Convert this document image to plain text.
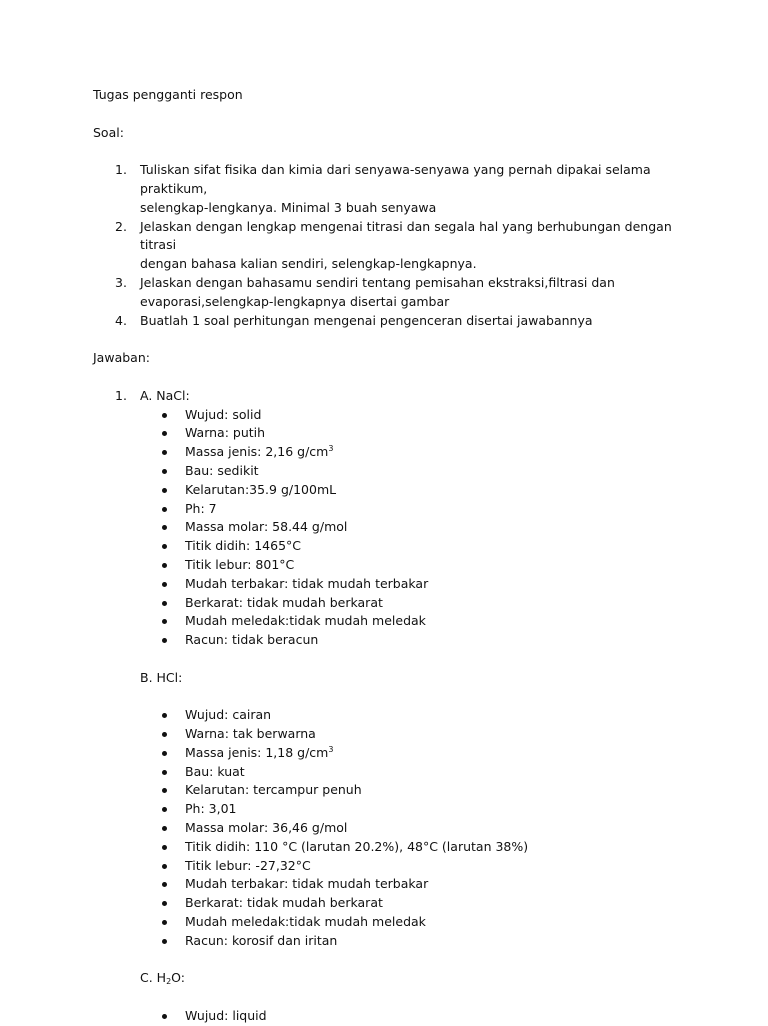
Tugas pengganti respon
Soal:
1. Tuliskan sifat fisika dan kimia dari senyawa-senyawa yang pernah dipakai selama praktikum,
selengkap-lengkanya. Minimal 3 buah senyawa
2. Jelaskan dengan lengkap mengenai titrasi dan segala hal yang berhubungan dengan titrasi
dengan bahasa kalian sendiri, selengkap-lengkapnya.
3. Jelaskan dengan bahasamu sendiri tentang pemisahan ekstraksi,filtrasi dan
evaporasi,selengkap-lengkapnya disertai gambar
4. Buatlah 1 soal perhitungan mengenai pengenceran disertai jawabannya
Jawaban:
1. A. NaCl:
Wujud: solid
Warna: putih
Massa jenis: 2,16 $g/cm^3$
Bau: sedikit
Kelarutan:35.9 g/100mL
Ph: 7
Massa molar: 58.44 g/mol
Titik didih: 1465°C
Titik lebur: 801°C
Mudah terbakar: tidak mudah terbakar
Berkarat: tidak mudah berkarat
Mudah meledak:tidak mudah meledak
Racun: tidak beracun
B. HCl:
Wujud: cairan
Warna: tak berwarna
Massa jenis: 1,18 $g/cm^3$
Bau: kuat
Kelarutan: tercampur penuh
Ph: 3,01
Massa molar: 36,46 g/mol
Titik didih: 110 °C (larutan 20.2%), 48°C (larutan 38%)
Titik lebur: -27,32°C
Mudah terbakar: tidak mudah terbakar
Berkarat: tidak mudah berkarat
Mudah meledak:tidak mudah meledak
Racun: korosif dan iritan
C. $H_2O$:
Wujud: liquid
